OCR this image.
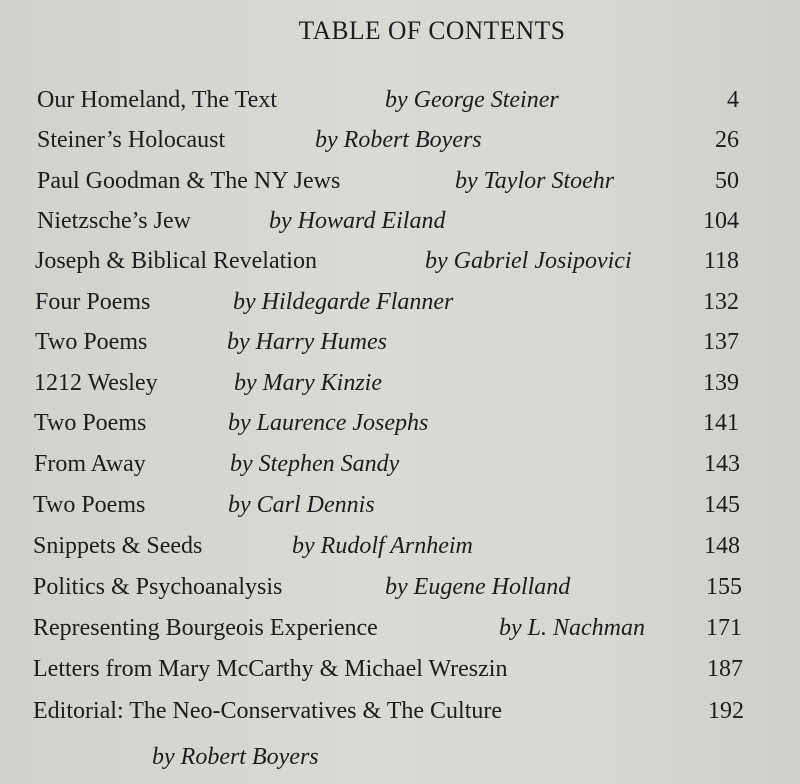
TABLE OF CONTENTS
Our Homeland, The Text	by George Steiner	4
Steiner’s Holocaust	by Robert Boyers	26
Paul Goodman & The NY Jews	by Taylor Stoehr	50
Nietzsche’s Jew	by Howard Eiland	104
Joseph & Biblical Revelation	by Gabriel Josipovici	118
Four Poems	by Hildegarde Flanner	132
Two Poems	by Harry Humes	137
1212 Wesley	by Mary Kinzie	139
Two Poems	by Laurence Josephs	141
From Away	by Stephen Sandy	143
Two Poems	by Carl Dennis	145
Snippets & Seeds	by Rudolf Arnheim	148
Politics & Psychoanalysis	by Eugene Holland	155
Representing Bourgeois Experience	by L. Nachman	171
Letters from Mary McCarthy & Michael Wreszin	187
Editorial: The Neo-Conservatives & The Culture	192
by Robert Boyers
